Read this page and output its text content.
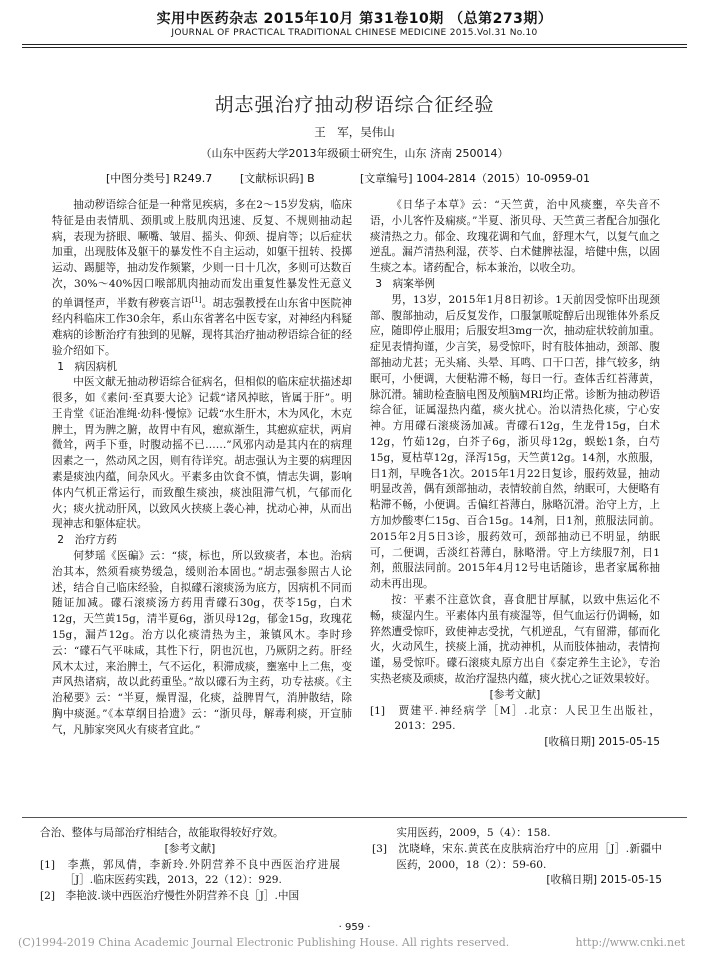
实用中医药杂志 2015年10月 第31卷10期 （总第273期）
JOURNAL OF PRACTICAL TRADITIONAL CHINESE MEDICINE 2015.Vol.31 No.10
胡志强治疗抽动秽语综合征经验
王　军，吴伟山
（山东中医药大学2013年级硕士研究生，山东 济南 250014）
[中图分类号] R249.7	[文献标识码] B	[文章编号] 1004-2814（2015）10-0959-01

抽动秽语综合征是一种常见疾病，多在2～15岁发病，临床特征是由表情肌、颈肌或上肢肌肉迅速、反复、不规则抽动起病，表现为挤眼、噘嘴、皱眉、摇头、仰颈、提肩等；以后症状加重，出现肢体及躯干的暴发性不自主运动，如躯干扭转、投掷运动、踢腿等，抽动发作频繁，少则一日十几次，多则可达数百次，30%～40%因口喉部肌肉抽动而发出重复性暴发性无意义的单调怪声，半数有秽亵言语[1]。胡志强教授在山东省中医院神经内科临床工作30余年，系山东省著名中医专家，对神经内科疑难病的诊断治疗有独到的见解，现将其治疗抽动秽语综合征的经验介绍如下。

1　病因病机

中医文献无抽动秽语综合征病名，但相似的临床症状描述却很多，如《素问·至真要大论》记载“诸风掉眩，皆属于肝”。明王肯堂《证治准绳·幼科·慢惊》记载“水生肝木，木为风化，木克脾土，胃为脾之腑，故胃中有风，瘛疭渐生，其瘛疭症状，两肩微耸，两手下垂，时腹动摇不已……”风邪内动是其内在的病理因素之一，然动风之因，则有待详究。胡志强认为主要的病理因素是痰浊内蕴，间杂风火。平素多由饮食不慎，情志失调，影响体内气机正常运行，而致酿生痰浊，痰浊阻滞气机，气郁而化火；痰火扰动肝风，以致风火挟痰上袭心神，扰动心神，从而出现神志和躯体症状。

2　治疗方药

何梦瑶《医碥》云：“痰，标也，所以致痰者，本也。治病治其本，然须看痰势缓急，缓则治本固也。”胡志强参照古人论述，结合自己临床经验，自拟礞石滚痰汤为底方，因病机不同而随证加减。礞石滚痰汤方药用青礞石30g，茯苓15g，白术12g，天竺黄15g，清半夏6g，浙贝母12g，郁金15g，玫瑰花15g，漏芦12g。治方以化痰清热为主，兼镇风木。李时珍云：“礞石气平味咸，其性下行，阴也沉也，乃厥阴之药。肝经风木太过，来治脾土，气不运化，积滞成痰，壅塞中上二焦，变声风热诸病，故以此药重坠。”故以礞石为主药，功专祛痰。《主治秘要》云：“半夏，燥胃湿，化痰，益脾胃气，消肿散结，除胸中痰涎。”《本草纲目拾遗》云：“浙贝母，解毒利痰，开宣肺气，凡肺家突风火有痰者宜此。”

《日华子本草》云：“天竺黄，治中风痰壅，卒失音不语，小儿客忤及痫痰。”半夏、浙贝母、天竺黄三者配合加强化痰清热之力。郁金、玫瑰花调和气血，舒理木气，以复气血之逆乱。漏芦清热利湿，茯苓、白术健脾祛湿，培健中焦，以固生痰之本。诸药配合，标本兼治，以收全功。

3　病案举例

男，13岁，2015年1月8日初诊。1天前因受惊吓出现颈部、腹部抽动，后反复发作，口服氯哌啶醇后出现锥体外系反应，随即停止服用；后服安坦3mg一次，抽动症状较前加重。症见表情拘谨，少言笑，易受惊吓，时有肢体抽动，颈部、腹部抽动尤甚；无头痛、头晕、耳鸣、口干口苦，排气较多，纳眠可，小便调，大便粘滞不畅，每日一行。查体舌红苔薄黄，脉沉滑。辅助检查脑电图及颅脑MRI均正常。诊断为抽动秽语综合征，证属湿热内蕴，痰火扰心。治以清热化痰，宁心安神。方用礞石滚痰汤加减。青礞石12g，生龙骨15g，白术12g，竹茹12g，白芥子6g，浙贝母12g，蜈蚣1条，白芍15g，夏枯草12g，泽泻15g，天竺黄12g。14剂，水煎服，日1剂，早晚各1次。2015年1月22日复诊，服药效显，抽动明显改善，偶有颈部抽动，表情较前自然，纳眠可，大便略有粘滞不畅，小便调。舌偏红苔薄白，脉略沉滑。治守上方，上方加炒酸枣仁15g、百合15g。14剂，日1剂，煎服法同前。2015年2月5日3诊，服药效可，颈部抽动已不明显，纳眠可，二便调，舌淡红苔薄白，脉略滑。守上方续服7剂，日1剂，煎服法同前。2015年4月12号电话随诊，患者家属称抽动未再出现。

按：平素不注意饮食，喜食肥甘厚腻，以致中焦运化不畅，痰湿内生。平素体内虽有痰湿等，但气血运行仍调畅，如猝然遭受惊吓，致使神志受扰，气机逆乱，气有留滞，郁而化火，火动风生，挟痰上涌，扰动神机，从而肢体抽动，表情拘谨，易受惊吓。礞石滚痰丸原方出自《泰定养生主论》，专治实热老痰及顽痰，故治疗湿热内蕴，痰火扰心之证效果较好。

[参考文献]
[1]　贾建平.神经病学［M］.北京：人民卫生出版社，2013：295.
[收稿日期] 2015-05-15
合治、整体与局部治疗相结合，故能取得较好疗效。
[参考文献]
[1]　李燕，郭凤倩，李新玲.外阴营养不良中西医治疗进展［J］.临床医药实践，2013，22（12）：929.
[2]　李艳波.谈中西医治疗慢性外阴营养不良［J］.中国
实用医药，2009，5（4）：158.
[3]　沈晓峰，宋东.黄芪在皮肤病治疗中的应用［J］.新疆中医药，2000，18（2）：59-60.
[收稿日期] 2015-05-15
· 959 ·
(C)1994-2019 China Academic Journal Electronic Publishing House. All rights reserved.	http://www.cnki.net
